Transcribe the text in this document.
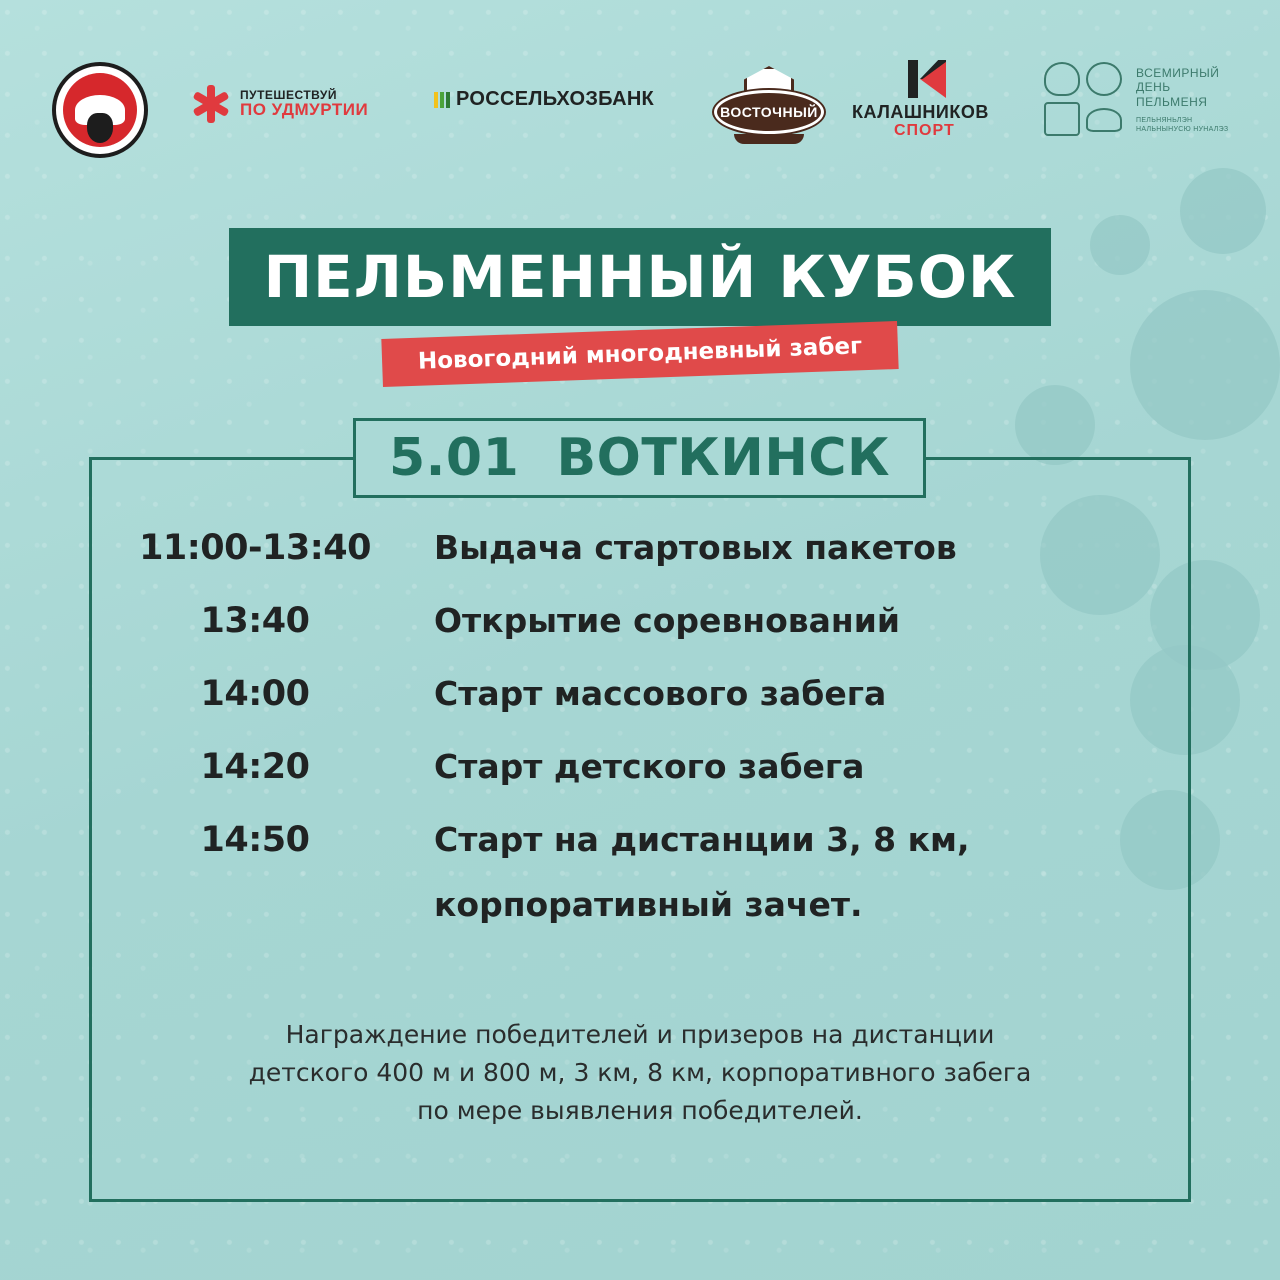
ПУТЕШЕСТВУЙ
ПО УДМУРТИИ	РОССЕЛЬХОЗБАНК
ВОСТОЧНЫЙ КАЛАШНИКОВ
СПОРТ
ВСЕМИРНЫЙ
ДЕНЬ
ПЕЛЬМЕНЯ
ПЕЛЬНЯНЬЛЭН
НАЛЬНЫНУСЮ НУНАЛЭЗ
ПЕЛЬМЕННЫЙ КУБОК
Новогодний многодневный забег
5.01  ВОТКИНСК
11:00-13:40	Выдача стартовых пакетов
13:40	Открытие соревнований
14:00	Старт массового забега
14:20	Старт детского забега
14:50	Старт на дистанции 3, 8 км,
корпоративный зачет.
Награждение победителей и призеров на дистанции
детского 400 м и 800 м, 3 км, 8 км, корпоративного забега
по мере выявления победителей.
